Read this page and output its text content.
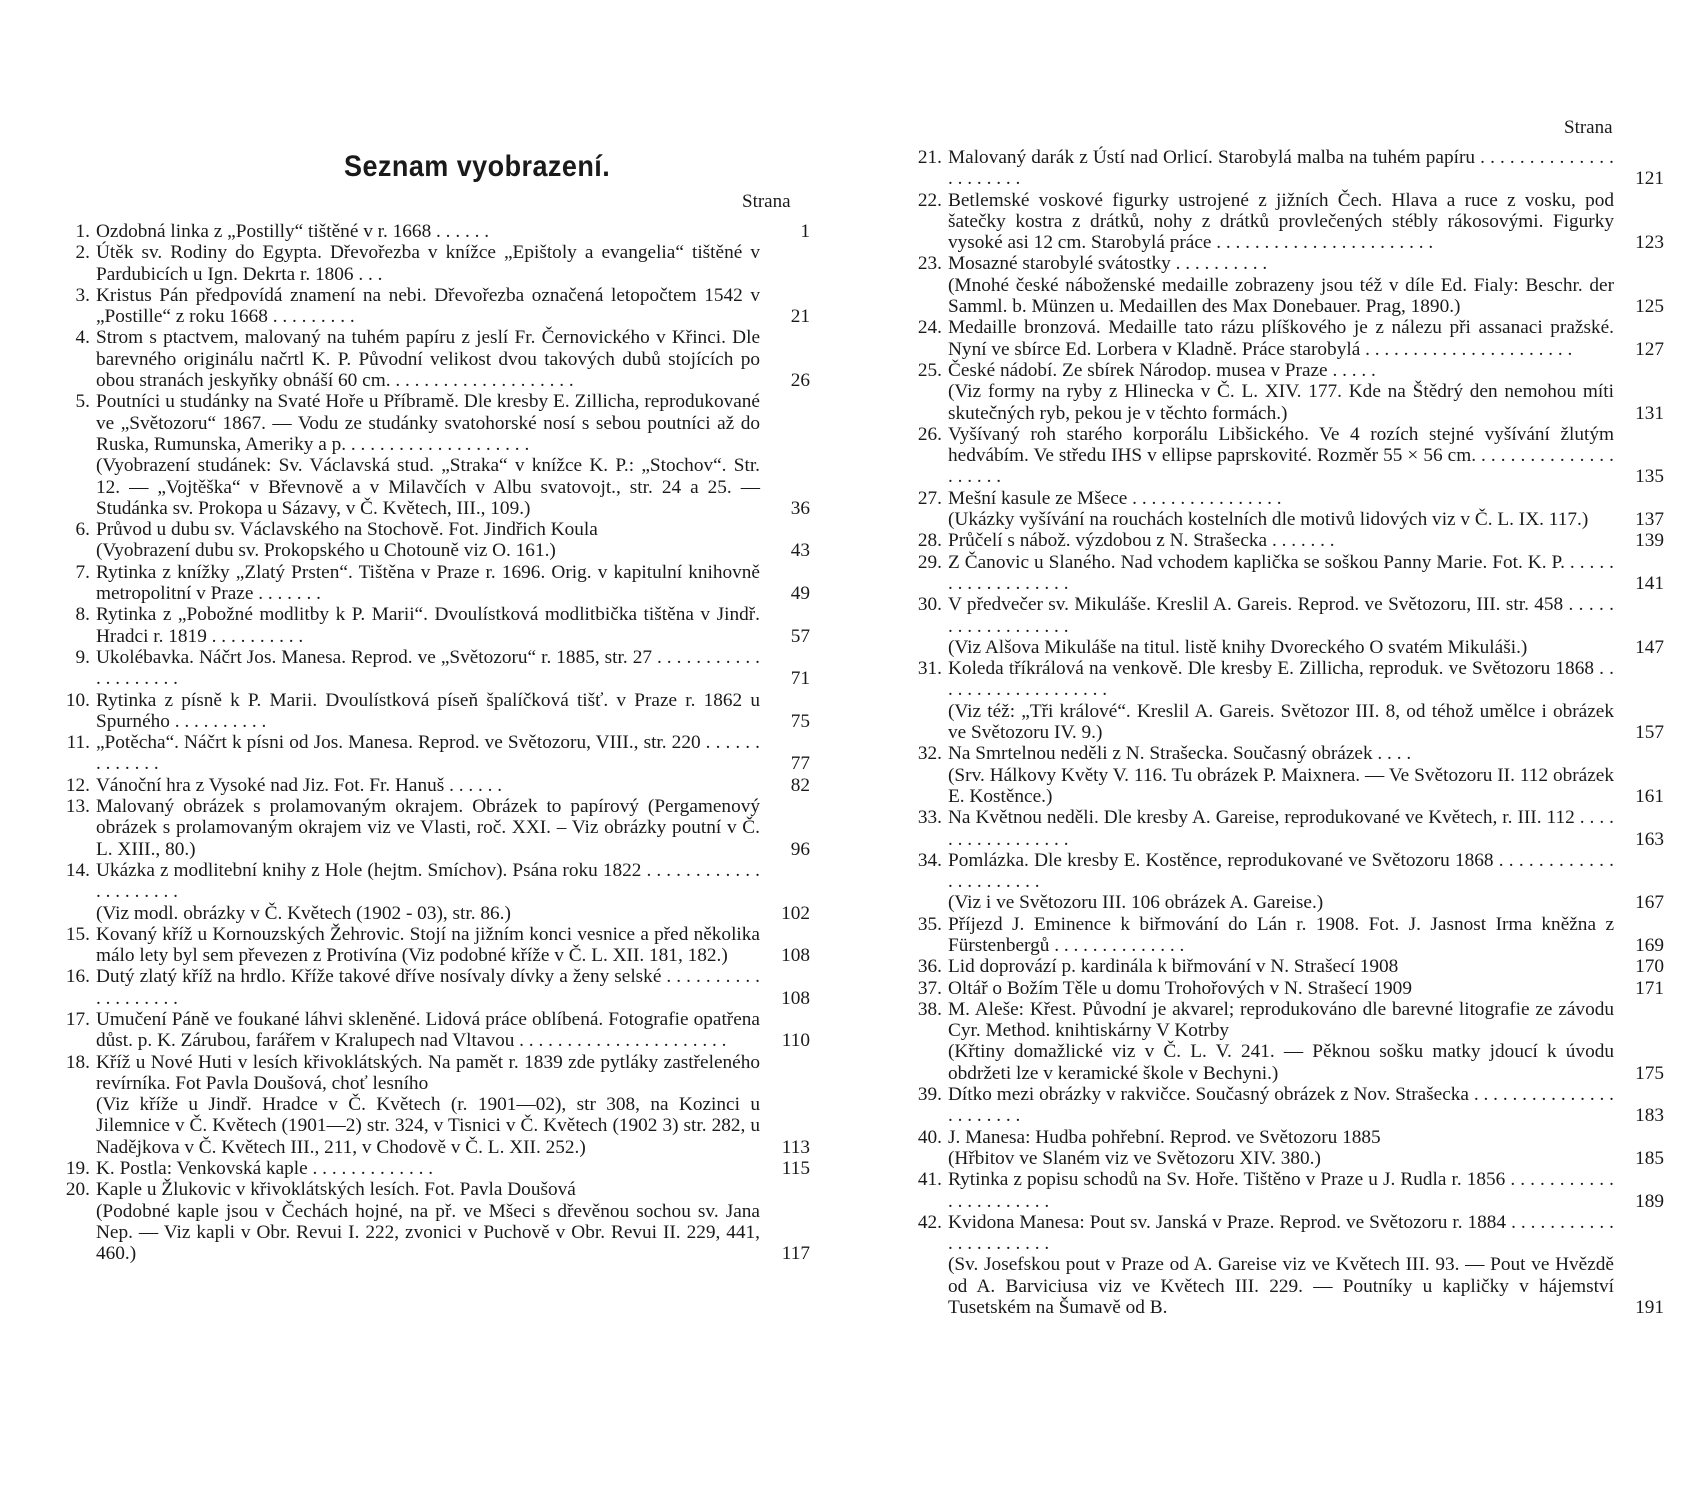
Seznam vyobrazení.
Strana
1. Ozdobná linka z „Postilly“ tištěné v r. 1668 . . . . . .	1
2. Útěk sv. Rodiny do Egypta. Dřevořezba v knížce „Epištoly a evangelia“ tištěné v Pardubicích u Ign. Dekrta r. 1806 . . .
3. Kristus Pán předpovídá znamení na nebi. Dřevořezba označená letopočtem 1542 v „Postille“ z roku 1668 . . . . . . . . .	21
4. Strom s ptactvem, malovaný na tuhém papíru z jeslí Fr. Černovického v Křinci. Dle barevného originálu načrtl K. P. Původní velikost dvou takových dubů stojících po obou stranách jeskyňky obnáší 60 cm. . . . . . . . . . . . . . . . . . . .	26
5. Poutníci u studánky na Svaté Hoře u Příbramě. Dle kresby E. Zillicha, reprodukované ve „Světozoru“ 1867. — Vodu ze studánky svatohorské nosí s sebou poutníci až do Ruska, Rumunska, Ameriky a p. . . . . . . . . . . . . . . . . . . .
(Vyobrazení studánek: Sv. Václavská stud. „Straka“ v knížce K. P.: „Stochov“. Str. 12. — „Vojtěška“ v Břevnově a v Milavčích v Albu svatovojt., str. 24 a 25. — Studánka sv. Prokopa u Sázavy, v Č. Květech, III., 109.)	36
6. Průvod u dubu sv. Václavského na Stochově. Fot. Jindřich Koula
(Vyobrazení dubu sv. Prokopského u Chotouně viz O. 161.)	43
7. Rytinka z knížky „Zlatý Prsten“. Tištěna v Praze r. 1696. Orig. v kapitulní knihovně metropolitní v Praze . . . . . . .	49
8. Rytinka z „Pobožné modlitby k P. Marii“. Dvoulístková modlitbička tištěna v Jindř. Hradci r. 1819 . . . . . . . . . .	57
9. Ukolébavka. Náčrt Jos. Manesa. Reprod. ve „Světozoru“ r. 1885, str. 27 . . . . . . . . . . . . . . . . . . . .	71
10. Rytinka z písně k P. Marii. Dvoulístková píseň špalíčková tišť. v Praze r. 1862 u Spurného . . . . . . . . . .	75
11. „Potěcha“. Náčrt k písni od Jos. Manesa. Reprod. ve Světozoru, VIII., str. 220 . . . . . . . . . . . . .	77
12. Vánoční hra z Vysoké nad Jiz. Fot. Fr. Hanuš . . . . . .	82
13. Malovaný obrázek s prolamovaným okrajem. Obrázek to papírový (Pergamenový obrázek s prolamovaným okrajem viz ve Vlasti, roč. XXI. – Viz obrázky poutní v Č. L. XIII., 80.)	96
14. Ukázka z modlitební knihy z Hole (hejtm. Smíchov). Psána roku 1822 . . . . . . . . . . . . . . . . . . . . .
(Viz modl. obrázky v Č. Květech (1902 - 03), str. 86.)	102
15. Kovaný kříž u Kornouzských Žehrovic. Stojí na jižním konci vesnice a před několika málo lety byl sem převezen z Protivína (Viz podobné kříže v Č. L. XII. 181, 182.)	108
16. Dutý zlatý kříž na hrdlo. Kříže takové dříve nosívaly dívky a ženy selské . . . . . . . . . . . . . . . . . . .	108
17. Umučení Páně ve foukané láhvi skleněné. Lidová práce oblíbená. Fotografie opatřena důst. p. K. Zárubou, farářem v Kralupech nad Vltavou . . . . . . . . . . . . . . . . . . . . . .	110
18. Kříž u Nové Huti v lesích křivoklátských. Na pamět r. 1839 zde pytláky zastřeleného revírníka. Fot Pavla Doušová, choť lesního
(Viz kříže u Jindř. Hradce v Č. Květech (r. 1901—02), str 308, na Kozinci u Jilemnice v Č. Květech (1901—2) str. 324, v Tisnici v Č. Květech (1902 3) str. 282, u Nadějkova v Č. Květech III., 211, v Chodově v Č. L. XII. 252.)	113
19. K. Postla: Venkovská kaple . . . . . . . . . . . . .	115
20. Kaple u Žlukovic v křivoklátských lesích. Fot. Pavla Doušová
(Podobné kaple jsou v Čechách hojné, na př. ve Mšeci s dřevěnou sochou sv. Jana Nep. — Viz kapli v Obr. Revui I. 222, zvonici v Puchově v Obr. Revui II. 229, 441, 460.)	117
Strana
21. Malovaný darák z Ústí nad Orlicí. Starobylá malba na tuhém papíru . . . . . . . . . . . . . . . . . . . . . .	121
22. Betlemské voskové figurky ustrojené z jižních Čech. Hlava a ruce z vosku, pod šatečky kostra z drátků, nohy z drátků provlečených stébly rákosovými. Figurky vysoké asi 12 cm. Starobylá práce . . . . . . . . . . . . . . . . . . . . . . .	123
23. Mosazné starobylé svátostky . . . . . . . . . .
(Mnohé české náboženské medaille zobrazeny jsou též v díle Ed. Fialy: Beschr. der Samml. b. Münzen u. Medaillen des Max Donebauer. Prag, 1890.)	125
24. Medaille bronzová. Medaille tato rázu plíškového je z nálezu při assanaci pražské. Nyní ve sbírce Ed. Lorbera v Kladně. Práce starobylá . . . . . . . . . . . . . . . . . . . . . .	127
25. České nádobí. Ze sbírek Národop. musea v Praze . . . . .
(Viz formy na ryby z Hlinecka v Č. L. XIV. 177. Kde na Štědrý den nemohou míti skutečných ryb, pekou je v těchto formách.)	131
26. Vyšívaný roh starého korporálu Libšického. Ve 4 rozích stejné vyšívání žlutým hedvábím. Ve středu IHS v ellipse paprskovité. Rozměr 55 × 56 cm. . . . . . . . . . . . . . . . . . . . .	135
27. Mešní kasule ze Mšece . . . . . . . . . . . . . . . .
(Ukázky vyšívání na rouchách kostelních dle motivů lidových viz v Č. L. IX. 117.)	137
28. Průčelí s nábož. výzdobou z N. Strašecka . . . . . . .	139
29. Z Čanovic u Slaného. Nad vchodem kaplička se soškou Panny Marie. Fot. K. P. . . . . . . . . . . . . . . . . . .	141
30. V předvečer sv. Mikuláše. Kreslil A. Gareis. Reprod. ve Světozoru, III. str. 458 . . . . . . . . . . . . . . . . . .
(Viz Alšova Mikuláše na titul. listě knihy Dvoreckého O svatém Mikuláši.)	147
31. Koleda tříkrálová na venkově. Dle kresby E. Zillicha, reproduk. ve Světozoru 1868 . . . . . . . . . . . . . . . . . . .
(Viz též: „Tři králové“. Kreslil A. Gareis. Světozor III. 8, od téhož umělce i obrázek ve Světozoru IV. 9.)	157
32. Na Smrtelnou neděli z N. Strašecka. Současný obrázek . . . .
(Srv. Hálkovy Květy V. 116. Tu obrázek P. Maixnera. — Ve Světozoru II. 112 obrázek E. Kostěnce.)	161
33. Na Květnou neděli. Dle kresby A. Gareise, reprodukované ve Květech, r. III. 112 . . . . . . . . . . . . . . . . .	163
34. Pomlázka. Dle kresby E. Kostěnce, reprodukované ve Světozoru 1868 . . . . . . . . . . . . . . . . . . . . . .
(Viz i ve Světozoru III. 106 obrázek A. Gareise.)	167
35. Příjezd J. Eminence k biřmování do Lán r. 1908. Fot. J. Jasnost Irma kněžna z Fürstenbergů . . . . . . . . . . . . . .	169
36. Lid doprovází p. kardinála k biřmování v N. Strašecí 1908	170
37. Oltář o Božím Těle u domu Trohořových v N. Strašecí 1909	171
38. M. Aleše: Křest. Původní je akvarel; reprodukováno dle barevné litografie ze závodu Cyr. Method. knihtiskárny V Kotrby
(Křtiny domažlické viz v Č. L. V. 241. — Pěknou sošku matky jdoucí k úvodu obdržeti lze v keramické škole v Bechyni.)	175
39. Dítko mezi obrázky v rakvičce. Současný obrázek z Nov. Strašecka . . . . . . . . . . . . . . . . . . . . . . .	183
40. J. Manesa: Hudba pohřební. Reprod. ve Světozoru 1885
(Hřbitov ve Slaném viz ve Světozoru XIV. 380.)	185
41. Rytinka z popisu schodů na Sv. Hoře. Tištěno v Praze u J. Rudla r. 1856 . . . . . . . . . . . . . . . . . . . . . .	189
42. Kvidona Manesa: Pout sv. Janská v Praze. Reprod. ve Světozoru r. 1884 . . . . . . . . . . . . . . . . . . . . . .
(Sv. Josefskou pout v Praze od A. Gareise viz ve Květech III. 93. — Pout ve Hvězdě od A. Barviciusa viz ve Květech III. 229. — Poutníky u kapličky v hájemství Tusetském na Šumavě od B.	191
